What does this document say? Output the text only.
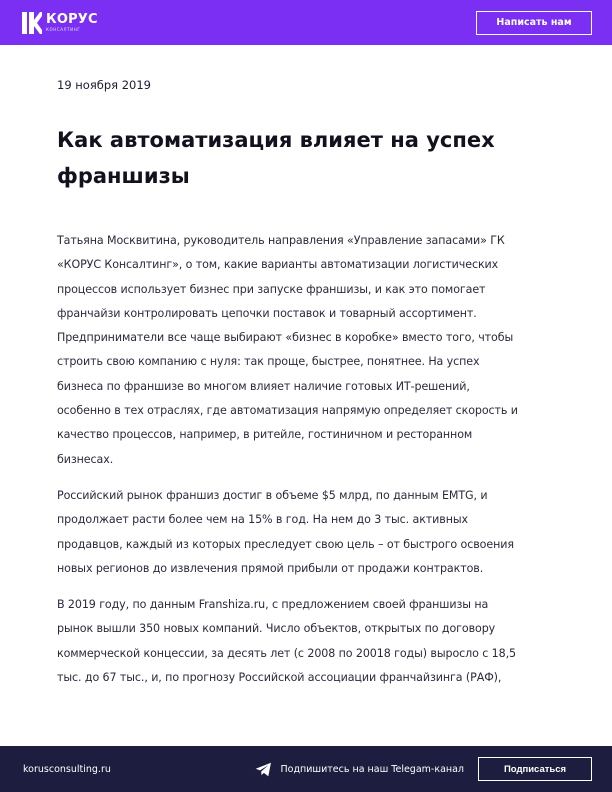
КОРУС
КОНСАЛТИНГ
Написать нам
19 ноября 2019
Как автоматизация влияет на успех франшизы

Татьяна Москвитина, руководитель направления «Управление запасами» ГК
«КОРУС Консалтинг», о том, какие варианты автоматизации логистических
процессов использует бизнес при запуске франшизы, и как это помогает
франчайзи контролировать цепочки поставок и товарный ассортимент.
Предприниматели все чаще выбирают «бизнес в коробке» вместо того, чтобы
строить свою компанию с нуля: так проще, быстрее, понятнее. На успех
бизнеса по франшизе во многом влияет наличие готовых ИТ-решений,
особенно в тех отраслях, где автоматизация напрямую определяет скорость и
качество процессов, например, в ритейле, гостиничном и ресторанном
бизнесах.

Российский рынок франшиз достиг в объеме $5 млрд, по данным EMTG, и
продолжает расти более чем на 15% в год. На нем до 3 тыс. активных
продавцов, каждый из которых преследует свою цель – от быстрого освоения
новых регионов до извлечения прямой прибыли от продажи контрактов.

В 2019 году, по данным Franshiza.ru, с предложением своей франшизы на
рынок вышли 350 новых компаний. Число объектов, открытых по договору
коммерческой концессии, за десять лет (с 2008 по 20018 годы) выросло с 18,5
тыс. до 67 тыс., и, по прогнозу Российской ассоциации франчайзинга (РАФ),

korusconsulting.ru	Подпишитесь на наш Telegam-канал	Подписаться
